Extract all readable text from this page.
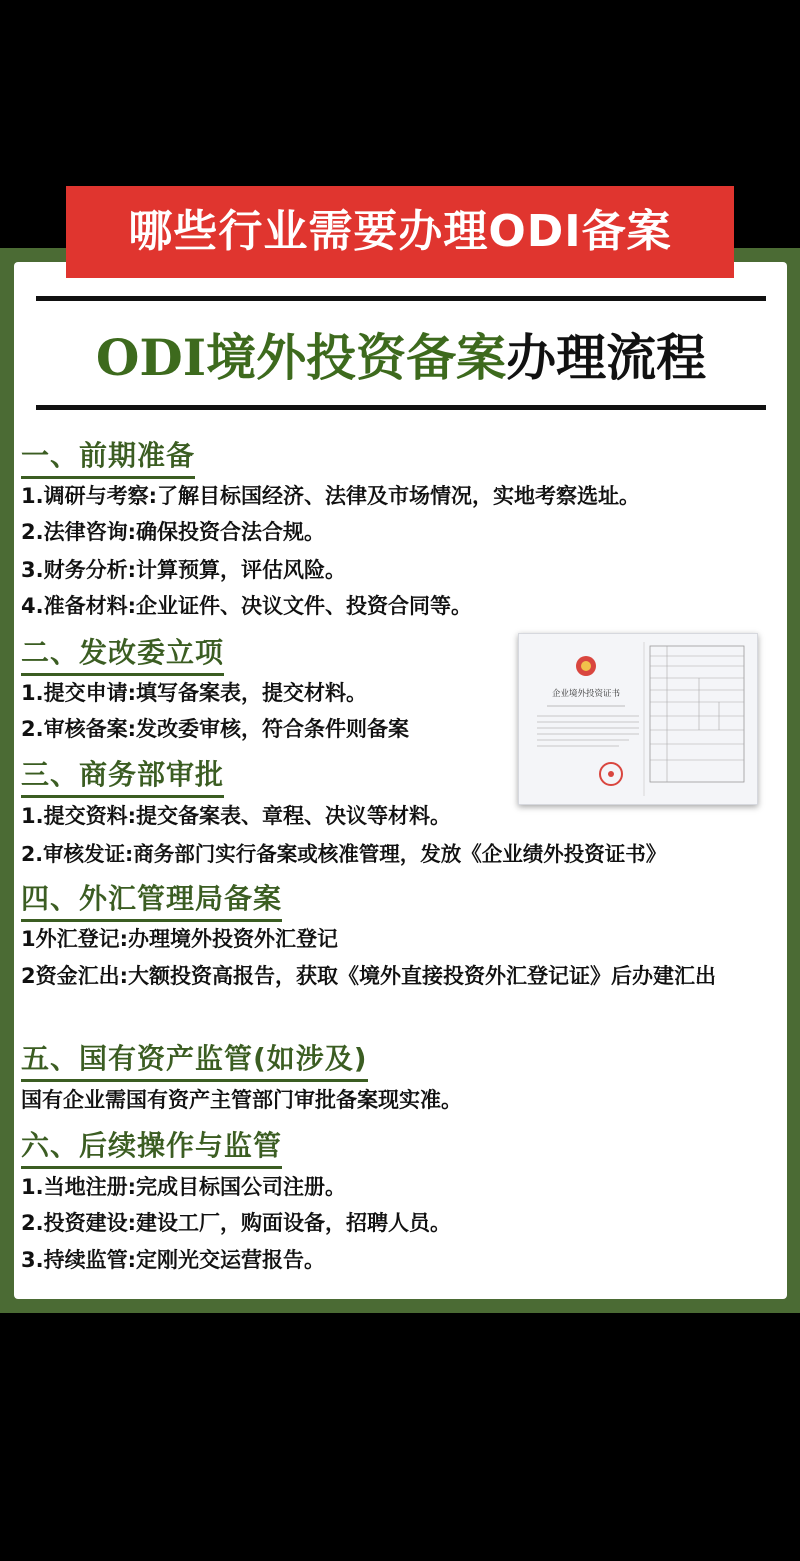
哪些行业需要办理ODI备案
ODI境外投资备案办理流程
一、前期准备
1.调研与考察:了解目标国经济、法律及市场情况，实地考察选址。
2.法律咨询:确保投资合法合规。
3.财务分析:计算预算，评估风险。
4.准备材料:企业证件、决议文件、投资合同等。
二、发改委立项
1.提交申请:填写备案表，提交材料。
2.审核备案:发改委审核，符合条件则备案
三、商务部审批
1.提交资料:提交备案表、章程、决议等材料。
2.审核发证:商务部门实行备案或核准管理，发放《企业绩外投资证书》
四、外汇管理局备案
1外汇登记:办理境外投资外汇登记
2资金汇出:大额投资高报告，获取《境外直接投资外汇登记证》后办建汇出
五、国有资产监管(如涉及)
国有企业需国有资产主管部门审批备案现实准。
六、后续操作与监管
1.当地注册:完成目标国公司注册。
2.投资建设:建设工厂，购面设备，招聘人员。
3.持续监管:定刚光交运营报告。
企业境外投资证书
